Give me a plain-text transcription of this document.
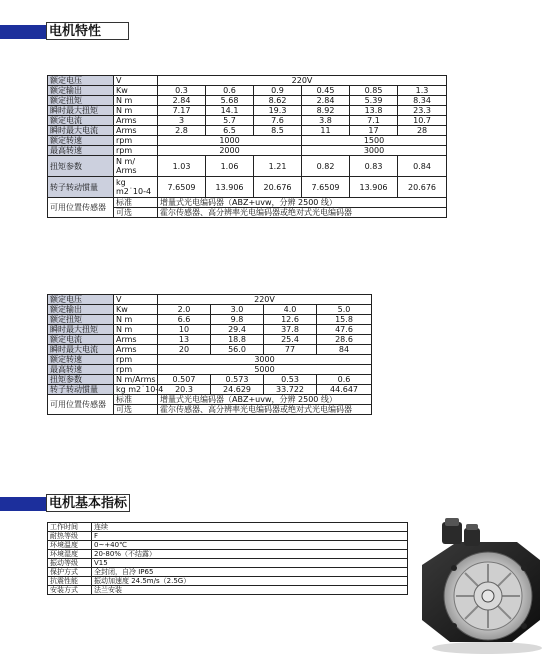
电机特性
额定电压	V	220V					
额定输出	Kw	0.3	0.6	0.9	0.45	0.85	1.3
额定扭矩	N m	2.84	5.68	8.62	2.84	5.39	8.34
瞬时最大扭矩	N m	7.17	14.1	19.3	8.92	13.8	23.3
额定电流	Arms	3	5.7	7.6	3.8	7.1	10.7
瞬时最大电流	Arms	2.8	6.5	8.5	11	17	28
额定转速	rpm	1000			1500		
最高转速	rpm	2000			3000		
扭矩参数	N m/ Arms	1.03	1.06	1.21	0.82	0.83	0.84
转子转动惯量	kg m2˙10-4	7.6509	13.906	20.676	7.6509	13.906	20.676
可用位置传感器	标准	增量式光电编码器（ABZ+uvw，分辨 2500 线）					
	可选	霍尔传感器、高分辨率光电编码器或绝对式光电编码器					
额定电压	V	220V			
额定输出	Kw	2.0	3.0	4.0	5.0
额定扭矩	N m	6.6	9.8	12.6	15.8
瞬时最大扭矩	N m	10	29.4	37.8	47.6
额定电流	Arms	13	18.8	25.4	28.6
瞬时最大电流	Arms	20	56.0	77	84
额定转速	rpm	3000			
最高转速	rpm	5000			
扭矩参数	N m/Arms	0.507	0.573	0.53	0.6
转子转动惯量	kg m2˙10-4	20.3	24.629	33.722	44.647
可用位置传感器	标准	增量式光电编码器（ABZ+uvw，分辨 2500 线）			
	可选	霍尔传感器、高分辨率光电编码器或绝对式光电编码器			
电机基本指标
工作时间	连续
耐热等级	F
环境温度	0~+40℃
环境湿度	20-80%（不结露）
振动等级	V15
保护方式	全封闭，自冷 IP65
抗震性能	振动加速度 24.5m/s（2.5G）
安装方式	法兰安装
